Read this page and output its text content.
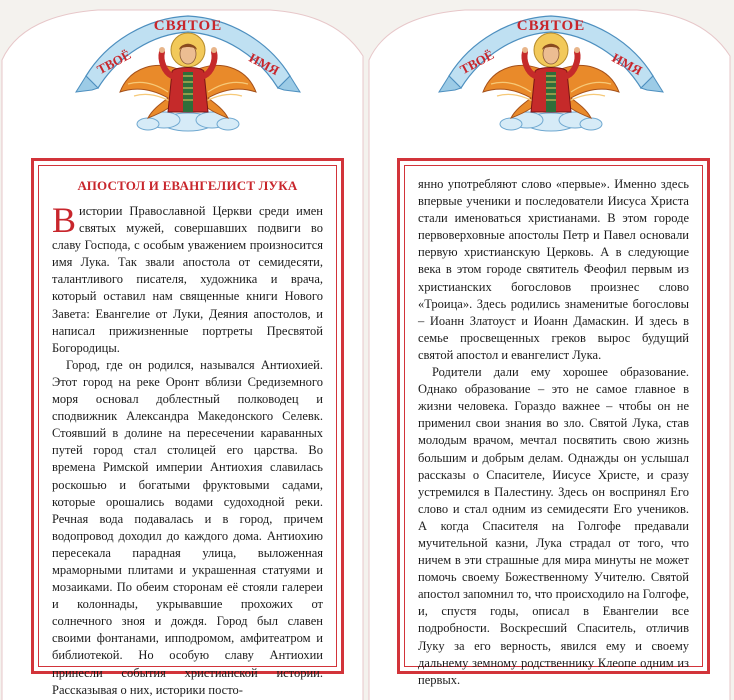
СВЯТОЕ
ТВОЁ	ИМЯ
АПОСТОЛ И ЕВАНГЕЛИСТ ЛУКА

В истории Православной Церкви среди имен святых мужей, совершавших подвиги во славу Господа, с особым уважением произносится имя Лука. Так звали апостола от семидесяти, талантливого писателя, художника и врача, который оставил нам священные книги Нового Завета: Евангелие от Луки, Деяния апостолов, и написал прижизненные портреты Пресвятой Богородицы.

Город, где он родился, назывался Антиохией. Этот город на реке Оронт вблизи Средиземного моря основал доблестный полководец и сподвижник Александра Македонского Селевк. Стоявший в долине на пересечении караванных путей город стал столицей его царства. Во времена Римской империи Антиохия славилась роскошью и богатыми фруктовыми садами, которые орошались водами судоходной реки. Речная вода подавалась и в город, причем водопровод доходил до каждого дома. Антиохию пересекала парадная улица, выложенная мраморными плитами и украшенная статуями и мозаиками. По обеим сторонам её стояли галереи и колоннады, укрывавшие прохожих от солнечного зноя и дождя. Город был славен своими фонтанами, ипподромом, амфитеатром и библиотекой. Но особую славу Антиохии принесли события христианской истории. Рассказывая о них, историки посто-

СВЯТОЕ
ТВОЁ	ИМЯ

янно употребляют слово «первые». Именно здесь впервые ученики и последователи Иисуса Христа стали именоваться христианами. В этом городе первоверховные апостолы Петр и Павел основали первую христианскую Церковь. А в следующие века в этом городе святитель Феофил первым из христианских богословов произнес слово «Троица». Здесь родились знаменитые богословы – Иоанн Златоуст и Иоанн Дамаскин. И здесь в семье просвещенных греков вырос будущий святой апостол и евангелист Лука.

Родители дали ему хорошее образование. Однако образование – это не самое главное в жизни человека. Гораздо важнее – чтобы он не применил свои знания во зло. Святой Лука, став молодым врачом, мечтал посвятить свою жизнь большим и добрым делам. Однажды он услышал рассказы о Спасителе, Иисусе Христе, и сразу устремился в Палестину. Здесь он воспринял Его слово и стал одним из семидесяти Его учеников. А когда Спасителя на Голгофе предавали мучительной казни, Лука страдал от того, что ничем в эти страшные для мира минуты не может помочь своему Божественному Учителю. Святой апостол запомнил то, что происходило на Голгофе, и, спустя годы, описал в Евангелии все подробности. Воскресший Спаситель, отличив Луку за его верность, явился ему и своему дальнему земному родственнику Клеопе одним из первых.
